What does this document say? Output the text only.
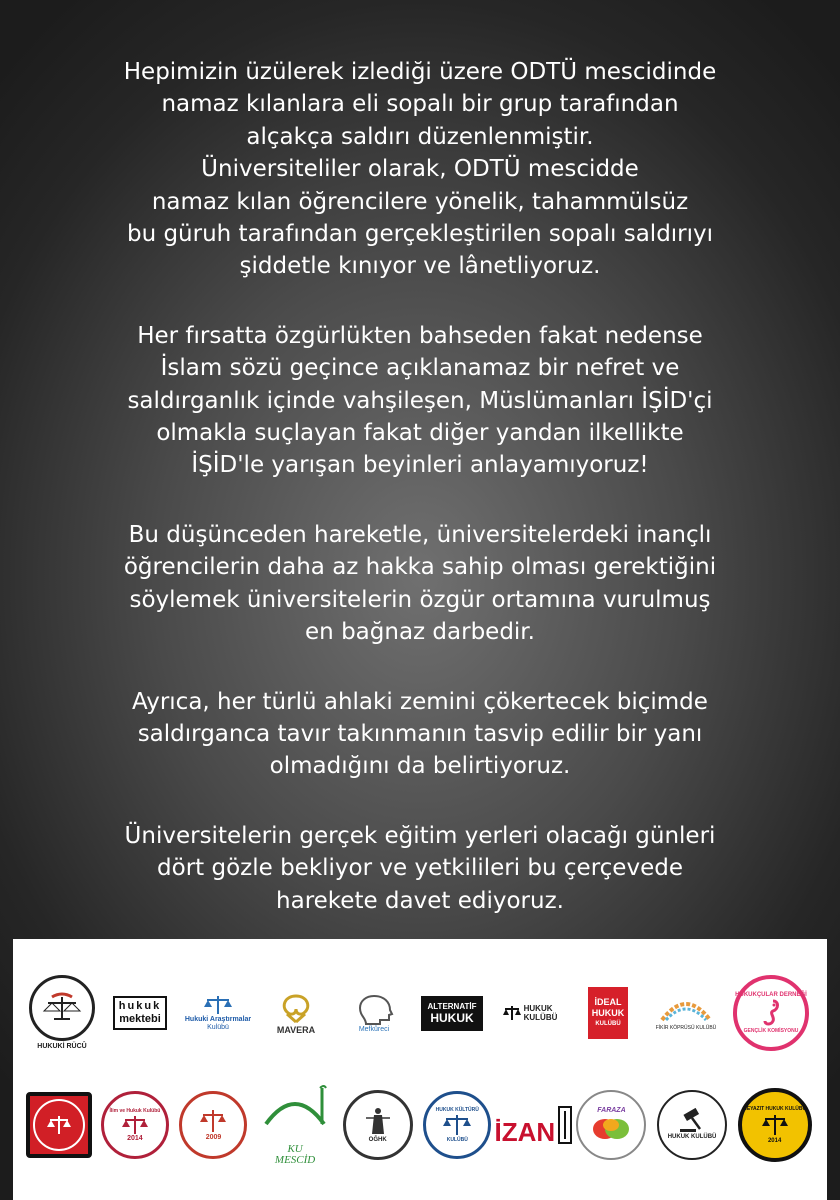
Hepimizin üzülerek izlediği üzere ODTÜ mescidinde
namaz kılanlara eli sopalı bir grup tarafından
alçakça saldırı düzenlenmiştir.
Üniversiteliler olarak, ODTÜ mescidde
namaz kılan öğrencilere yönelik, tahammülsüz
bu güruh tarafından gerçekleştirilen sopalı saldırıyı
şiddetle kınıyor ve lânetliyoruz.

Her fırsatta özgürlükten bahseden fakat nedense
İslam sözü geçince açıklanamaz bir nefret ve
saldırganlık içinde vahşileşen, Müslümanları İŞİD'çi
olmakla suçlayan fakat diğer yandan ilkellikte
İŞİD'le yarışan beyinleri anlayamıyoruz!

Bu düşünceden hareketle, üniversitelerdeki inançlı
öğrencilerin daha az hakka sahip olması gerektiğini
söylemek üniversitelerin özgür ortamına vurulmuş
en bağnaz darbedir.

Ayrıca, her türlü ahlaki zemini çökertecek biçimde
saldırganca tavır takınmanın tasvip edilir bir yanı
olmadığını da belirtiyoruz.

Üniversitelerin gerçek eğitim yerleri olacağı günleri
dört gözle bekliyor ve yetkilileri bu çerçevede
harekete davet ediyoruz.

HUKUKİ RÜCÛ
hukuk
mektebi	Hukuki Araştırmalar
Kulübü	MAVERA	Mefkûreci
ALTERNATİF
HUKUK
HUKUK
KULÜBÜ
İDEAL
HUKUK
KULÜBÜ
FİKİR KÖPRÜSÜ KULÜBÜ
HUKUKÇULAR DERNEĞİ
GENÇLİK KOMİSYONU
İlim ve Hukuk Kulübü
2014	2009
KU
MESCİD
OĞHK
HUKUK KÜLTÜRÜ
KULÜBÜ İZAN
FARAZA
HUKUK KULÜBÜ
BEYAZIT HUKUK KULÜBÜ
2014
